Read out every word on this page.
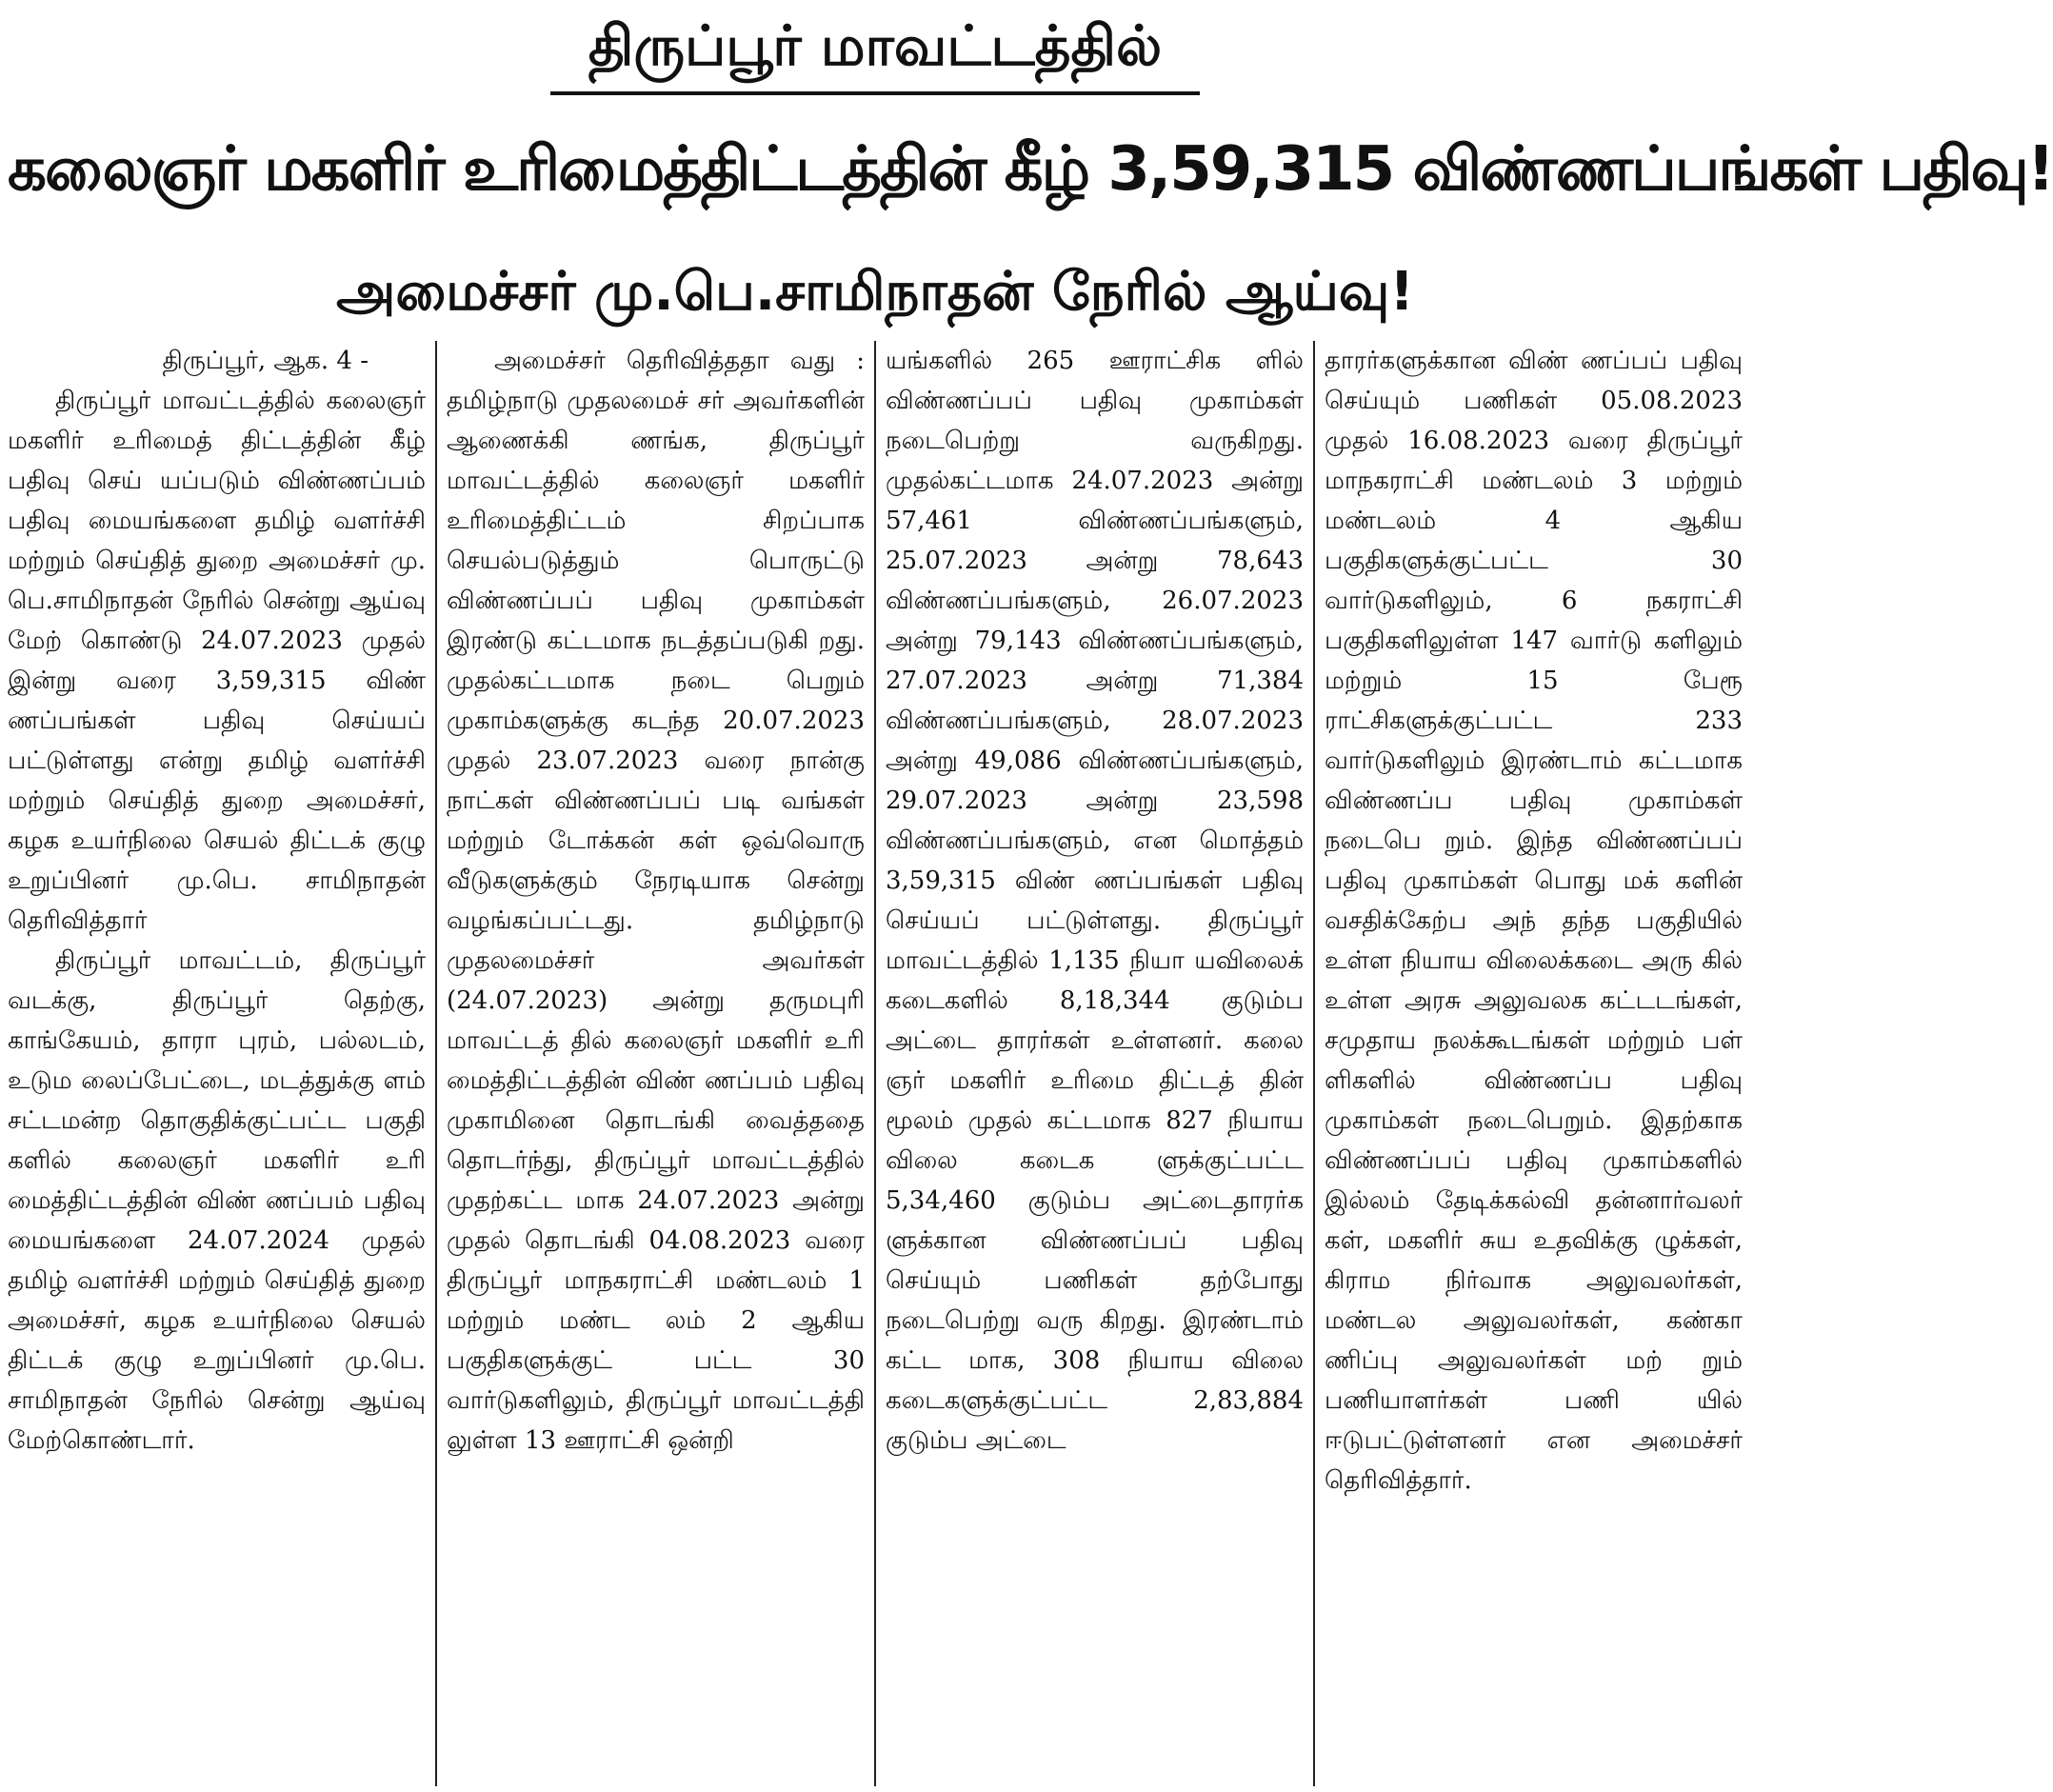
திருப்பூர் மாவட்டத்தில்
கலைஞர் மகளிர் உரிமைத்திட்டத்தின் கீழ் 3,59,315 விண்ணப்பங்கள் பதிவு!
அமைச்சர் மு.பெ.சாமிநாதன் நேரில் ஆய்வு!

திருப்பூர், ஆக. 4 -

திருப்பூர் மாவட்டத்தில் கலைஞர் மகளிர் உரிமைத் திட்டத்தின் கீழ் பதிவு செய் யப்படும் விண்ணப்பம் பதிவு மையங்களை தமிழ் வளர்ச்சி மற்றும் செய்தித் துறை அமைச்சர் மு. பெ.சாமிநாதன் நேரில் சென்று ஆய்வு மேற் கொண்டு 24.07.2023 முதல் இன்று வரை 3,59,315 விண் ணப்பங்கள் பதிவு செய்யப் பட்டுள்ளது என்று தமிழ் வளர்ச்சி மற்றும் செய்தித் துறை அமைச்சர், கழக உயர்நிலை செயல் திட்டக் குழு உறுப்பினர் மு.பெ. சாமிநாதன் தெரிவித்தார்

திருப்பூர் மாவட்டம், திருப்பூர் வடக்கு, திருப்பூர் தெற்கு, காங்கேயம், தாரா புரம், பல்லடம், உடும லைப்பேட்டை, மடத்துக்கு ளம் சட்டமன்ற தொகுதிக்குட்பட்ட பகுதி களில் கலைஞர் மகளிர் உரி மைத்திட்டத்தின் விண் ணப்பம் பதிவு மையங்களை 24.07.2024 முதல் தமிழ் வளர்ச்சி மற்றும் செய்தித் துறை அமைச்சர், கழக உயர்நிலை செயல் திட்டக் குழு உறுப்பினர் மு.பெ. சாமிநாதன் நேரில் சென்று ஆய்வு மேற்கொண்டார்.

அமைச்சர் தெரிவித்ததா வது : தமிழ்நாடு முதலமைச் சர் அவர்களின் ஆணைக்கி ணங்க, திருப்பூர் மாவட்டத்தில் கலைஞர் மகளிர் உரிமைத்திட்டம் சிறப்பாக செயல்படுத்தும் பொருட்டு விண்ணப்பப் பதிவு முகாம்கள் இரண்டு கட்டமாக நடத்தப்படுகி றது. முதல்கட்டமாக நடை பெறும் முகாம்களுக்கு கடந்த 20.07.2023 முதல் 23.07.2023 வரை நான்கு நாட்கள் விண்ணப்பப் படி வங்கள் மற்றும் டோக்கன் கள் ஒவ்வொரு வீடுகளுக்கும் நேரடியாக சென்று வழங்கப்பட்டது. தமிழ்நாடு முதலமைச்சர் அவர்கள் (24.07.2023) அன்று தருமபுரி மாவட்டத் தில் கலைஞர் மகளிர் உரி மைத்திட்டத்தின் விண் ணப்பம் பதிவு முகாமினை தொடங்கி வைத்ததை தொடர்ந்து, திருப்பூர் மாவட்டத்தில் முதற்கட்ட மாக 24.07.2023 அன்று முதல் தொடங்கி 04.08.2023 வரை திருப்பூர் மாநகராட்சி மண்டலம் 1 மற்றும் மண்ட லம் 2 ஆகிய பகுதிகளுக்குட் பட்ட 30 வார்டுகளிலும், திருப்பூர் மாவட்டத்தி லுள்ள 13 ஊராட்சி ஒன்றி

யங்களில் 265 ஊராட்சிக ளில் விண்ணப்பப் பதிவு முகாம்கள் நடைபெற்று வருகிறது. முதல்கட்டமாக 24.07.2023 அன்று 57,461 விண்ணப்பங்களும், 25.07.2023 அன்று 78,643 விண்ணப்பங்களும், 26.07.2023 அன்று 79,143 விண்ணப்பங்களும், 27.07.2023 அன்று 71,384 விண்ணப்பங்களும், 28.07.2023 அன்று 49,086 விண்ணப்பங்களும், 29.07.2023 அன்று 23,598 விண்ணப்பங்களும், என மொத்தம் 3,59,315 விண் ணப்பங்கள் பதிவு செய்யப் பட்டுள்ளது. திருப்பூர் மாவட்டத்தில் 1,135 நியா யவிலைக் கடைகளில் 8,18,344 குடும்ப அட்டை தாரர்கள் உள்ளனர். கலை ஞர் மகளிர் உரிமை திட்டத் தின் மூலம் முதல் கட்டமாக 827 நியாய விலை கடைக ளுக்குட்பட்ட 5,34,460 குடும்ப அட்டைதாரர்க ளுக்கான விண்ணப்பப் பதிவு செய்யும் பணிகள் தற்போது நடைபெற்று வரு கிறது. இரண்டாம் கட்ட மாக, 308 நியாய விலை கடைகளுக்குட்பட்ட 2,83,884 குடும்ப அட்டை

தாரர்களுக்கான விண் ணப்பப் பதிவு செய்யும் பணிகள் 05.08.2023 முதல் 16.08.2023 வரை திருப்பூர் மாநகராட்சி மண்டலம் 3 மற்றும் மண்டலம் 4 ஆகிய பகுதிகளுக்குட்பட்ட 30 வார்டுகளிலும், 6 நகராட்சி பகுதிகளிலுள்ள 147 வார்டு களிலும் மற்றும் 15 பேரூ ராட்சிகளுக்குட்பட்ட 233 வார்டுகளிலும் இரண்டாம் கட்டமாக விண்ணப்ப பதிவு முகாம்கள் நடைபெ றும். இந்த விண்ணப்பப் பதிவு முகாம்கள் பொது மக் களின் வசதிக்கேற்ப அந் தந்த பகுதியில் உள்ள நியாய விலைக்கடை அரு கில் உள்ள அரசு அலுவலக கட்டடங்கள், சமுதாய நலக்கூடங்கள் மற்றும் பள் ளிகளில் விண்ணப்ப பதிவு முகாம்கள் நடைபெறும். இதற்காக விண்ணப்பப் பதிவு முகாம்களில் இல்லம் தேடிக்கல்வி தன்னார்வலர் கள், மகளிர் சுய உதவிக்கு ழுக்கள், கிராம நிர்வாக அலுவலர்கள், மண்டல அலுவலர்கள், கண்கா ணிப்பு அலுவலர்கள் மற் றும் பணியாளர்கள் பணி யில் ஈடுபட்டுள்ளனர் என அமைச்சர் தெரிவித்தார்.
